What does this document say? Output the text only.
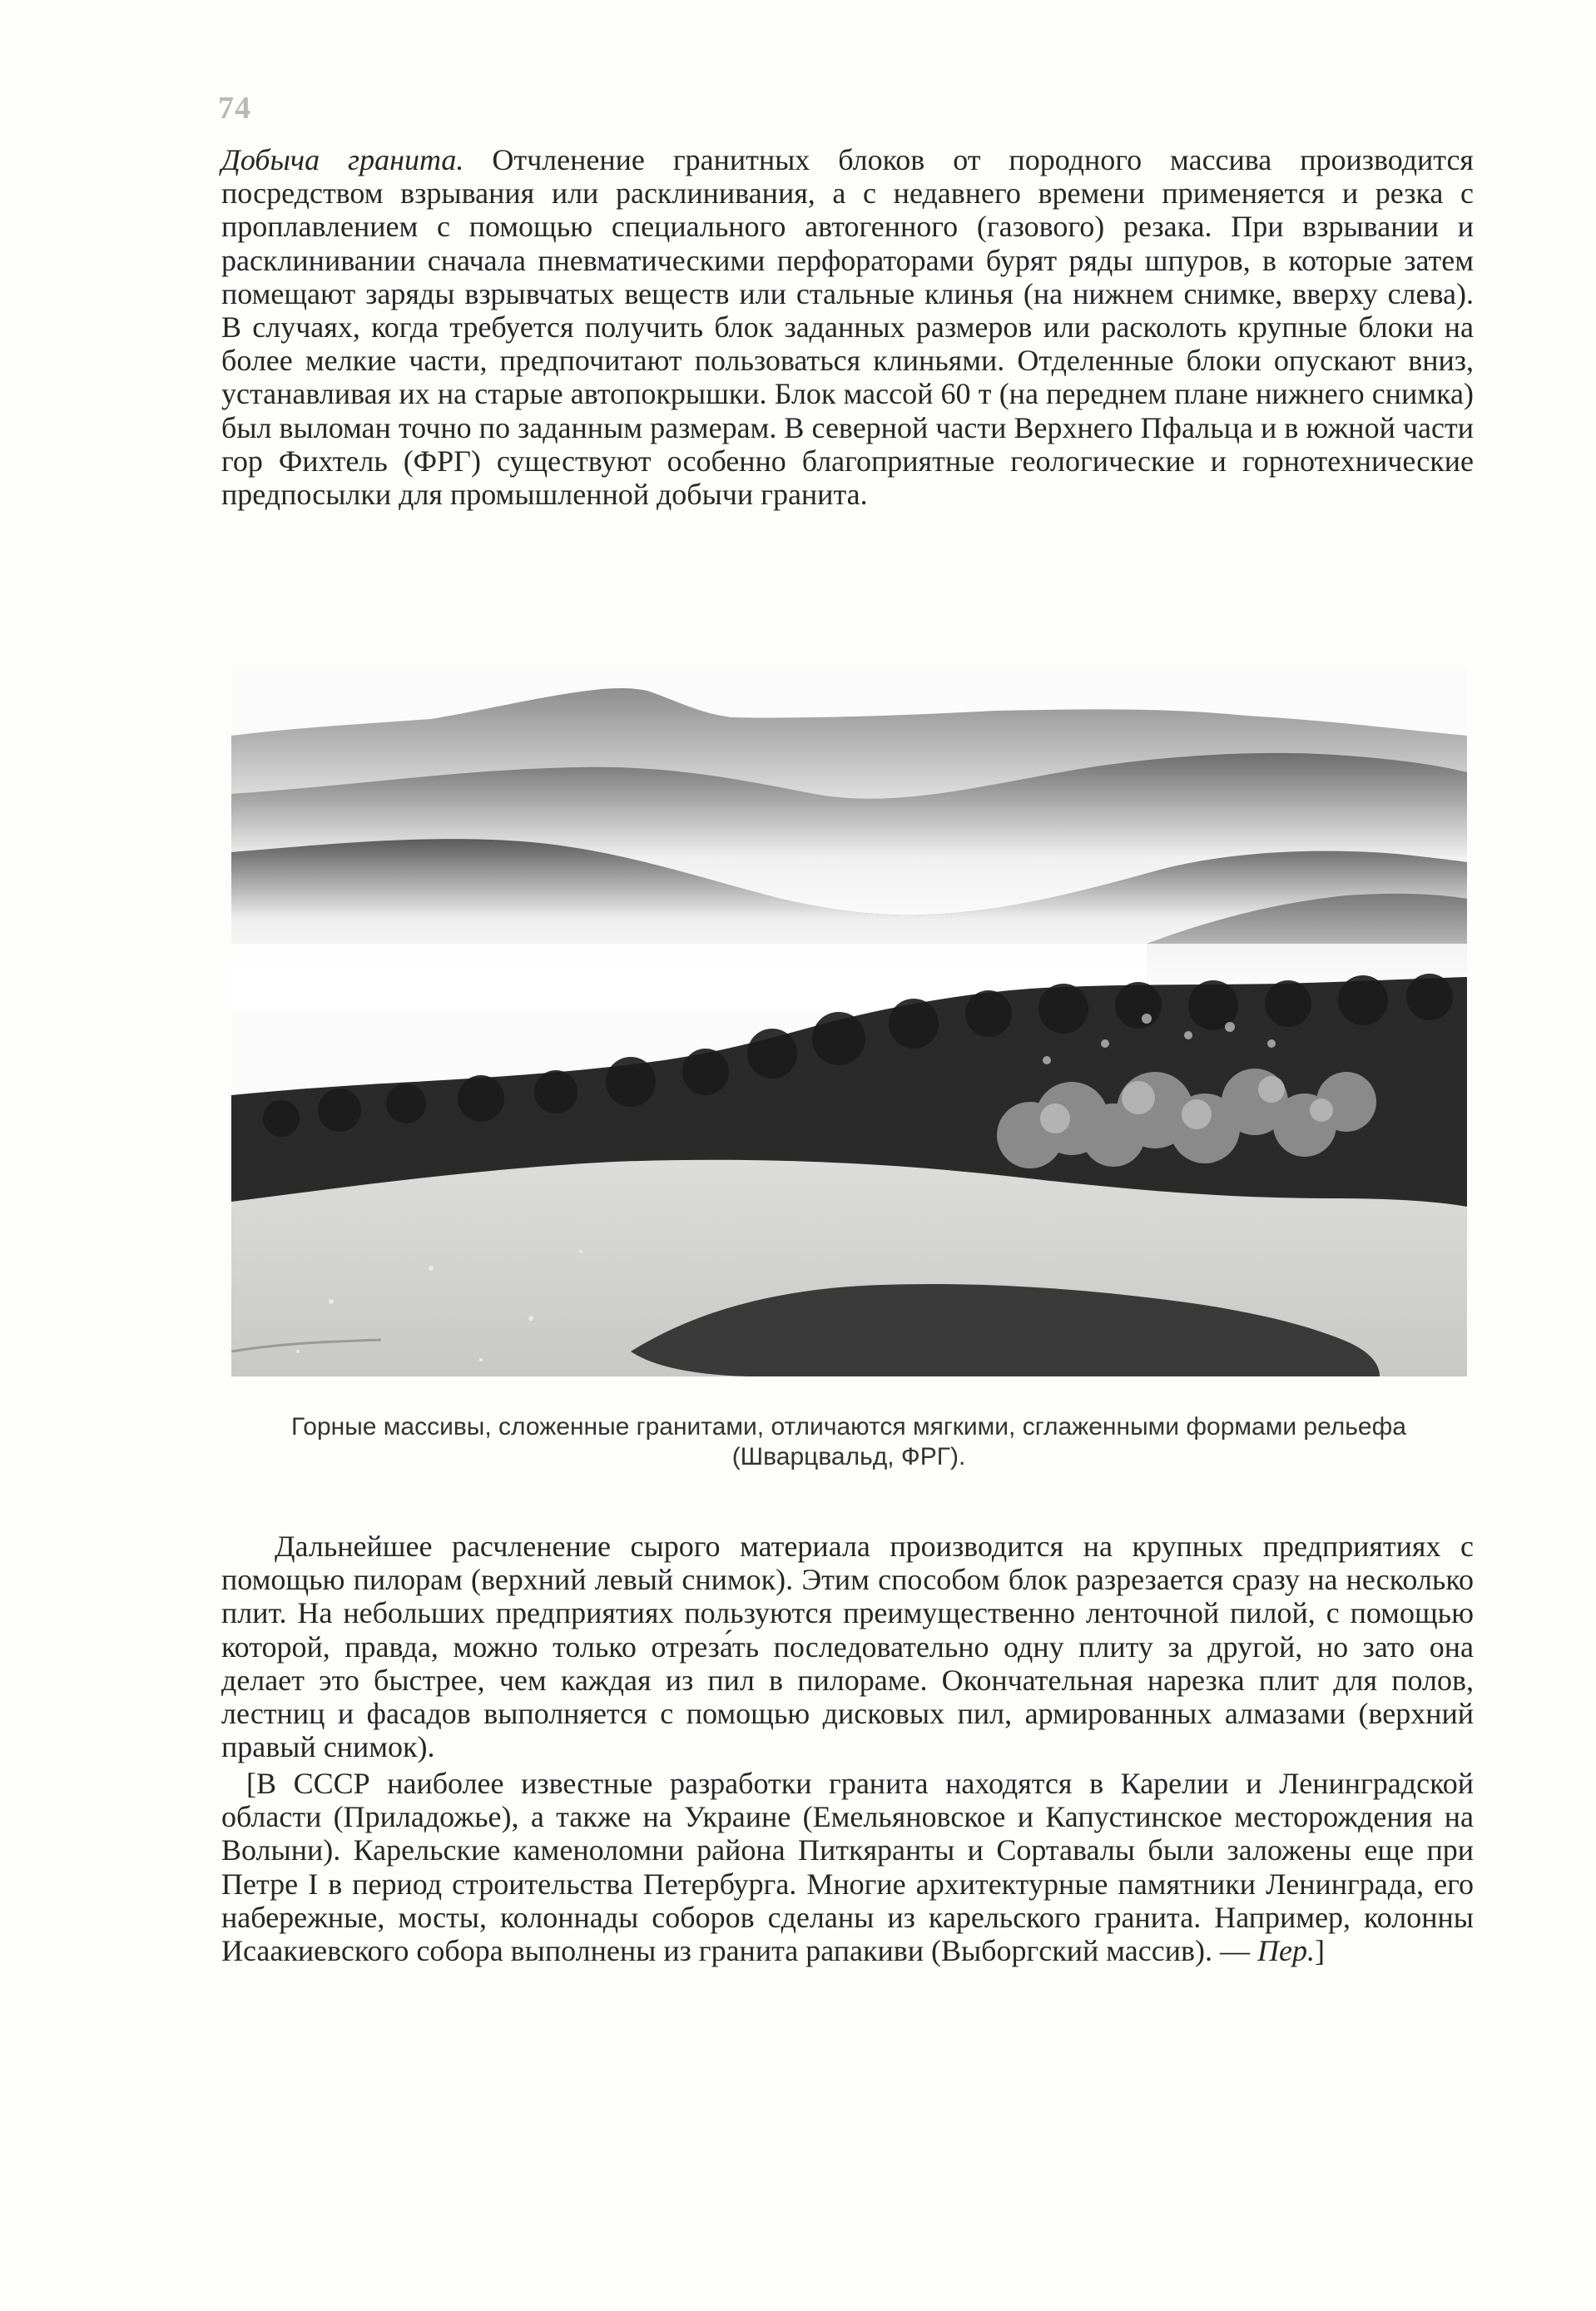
74

Добыча гранита. Отчленение гранитных блоков от породного массива производится посредством взрывания или расклинивания, а с недавнего времени применяется и резка с проплавлением с помощью специального автогенного (газового) резака. При взрывании и расклинивании сначала пневматическими перфораторами бурят ряды шпуров, в которые затем помещают заряды взрывчатых веществ или стальные клинья (на нижнем снимке, вверху слева). В случаях, когда требуется получить блок заданных размеров или расколоть крупные блоки на более мелкие части, предпочитают пользоваться клиньями. Отделенные блоки опускают вниз, устанавливая их на старые автопокрышки. Блок массой 60 т (на переднем плане нижнего снимка) был выломан точно по заданным размерам. В северной части Верхнего Пфальца и в южной части гор Фихтель (ФРГ) существуют особенно благоприятные геологические и горнотехнические предпосылки для промышленной добычи гранита.

Горные массивы, сложенные гранитами, отличаются мягкими, сглаженными формами рельефа (Шварцвальд, ФРГ).

Дальнейшее расчленение сырого материала производится на крупных предприятиях с помощью пилорам (верхний левый снимок). Этим способом блок разрезается сразу на несколько плит. На небольших предприятиях пользуются преимущественно ленточной пилой, с помощью которой, правда, можно только отреза́ть последовательно одну плиту за другой, но зато она делает это быстрее, чем каждая из пил в пилораме. Окончательная нарезка плит для полов, лестниц и фасадов выполняется с помощью дисковых пил, армированных алмазами (верхний правый снимок).

[В СССР наиболее известные разработки гранита находятся в Карелии и Ленинградской области (Приладожье), а также на Украине (Емельяновское и Капустинское месторождения на Волыни). Карельские каменоломни района Питкяранты и Сортавалы были заложены еще при Петре I в период строительства Петербурга. Многие архитектурные памятники Ленинграда, его набережные, мосты, колоннады соборов сделаны из карельского гранита. Например, колонны Исаакиевского собора выполнены из гранита рапакиви (Выборгский массив). — Пер.]
